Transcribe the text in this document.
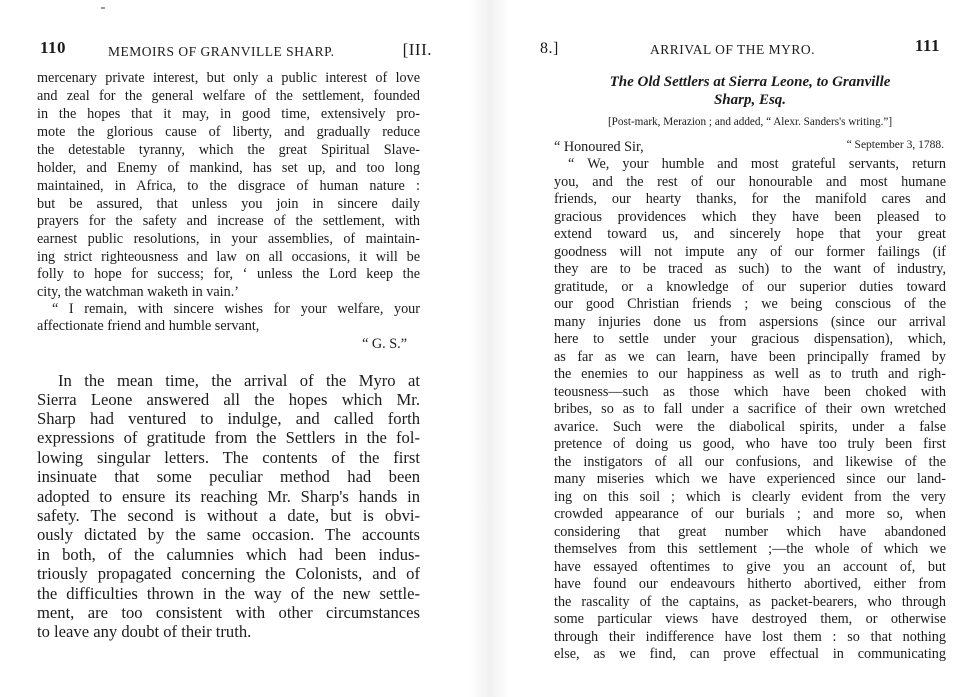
110	MEMOIRS OF GRANVILLE SHARP.	[III.
mercenary private interest, but only a public interest of love
and zeal for the general welfare of the settlement, founded
in the hopes that it may, in good time, extensively pro-
mote the glorious cause of liberty, and gradually reduce
the detestable tyranny, which the great Spiritual Slave-
holder, and Enemy of mankind, has set up, and too long
maintained, in Africa, to the disgrace of human nature :
but be assured, that unless you join in sincere daily
prayers for the safety and increase of the settlement, with
earnest public resolutions, in your assemblies, of maintain-
ing strict righteousness and law on all occasions, it will be
folly to hope for success; for, ‘ unless the Lord keep the
city, the watchman waketh in vain.’
“ I remain, with sincere wishes for your welfare, your
affectionate friend and humble servant,
“ G. S.”
In the mean time, the arrival of the Myro at
Sierra Leone answered all the hopes which Mr.
Sharp had ventured to indulge, and called forth
expressions of gratitude from the Settlers in the fol-
lowing singular letters. The contents of the first
insinuate that some peculiar method had been
adopted to ensure its reaching Mr. Sharp's hands in
safety. The second is without a date, but is obvi-
ously dictated by the same occasion. The accounts
in both, of the calumnies which had been indus-
triously propagated concerning the Colonists, and of
the difficulties thrown in the way of the new settle-
ment, are too consistent with other circumstances
to leave any doubt of their truth.
8.]	ARRIVAL OF THE MYRO.	111
The Old Settlers at Sierra Leone, to Granville
Sharp, Esq.
[Post-mark, Merazion ; and added, “ Alexr. Sanders's writing.”]
“ Honoured Sir,	“ September 3, 1788.
“ We, your humble and most grateful servants, return
you, and the rest of our honourable and most humane
friends, our hearty thanks, for the manifold cares and
gracious providences which they have been pleased to
extend toward us, and sincerely hope that your great
goodness will not impute any of our former failings (if
they are to be traced as such) to the want of industry,
gratitude, or a knowledge of our superior duties toward
our good Christian friends ; we being conscious of the
many injuries done us from aspersions (since our arrival
here to settle under your gracious dispensation), which,
as far as we can learn, have been principally framed by
the enemies to our happiness as well as to truth and righ-
teousness—such as those which have been choked with
bribes, so as to fall under a sacrifice of their own wretched
avarice. Such were the diabolical spirits, under a false
pretence of doing us good, who have too truly been first
the instigators of all our confusions, and likewise of the
many miseries which we have experienced since our land-
ing on this soil ; which is clearly evident from the very
crowded appearance of our burials ; and more so, when
considering that great number which have abandoned
themselves from this settlement ;—the whole of which we
have essayed oftentimes to give you an account of, but
have found our endeavours hitherto abortived, either from
the rascality of the captains, as packet-bearers, who through
some particular views have destroyed them, or otherwise
through their indifference have lost them : so that nothing
else, as we find, can prove effectual in communicating
